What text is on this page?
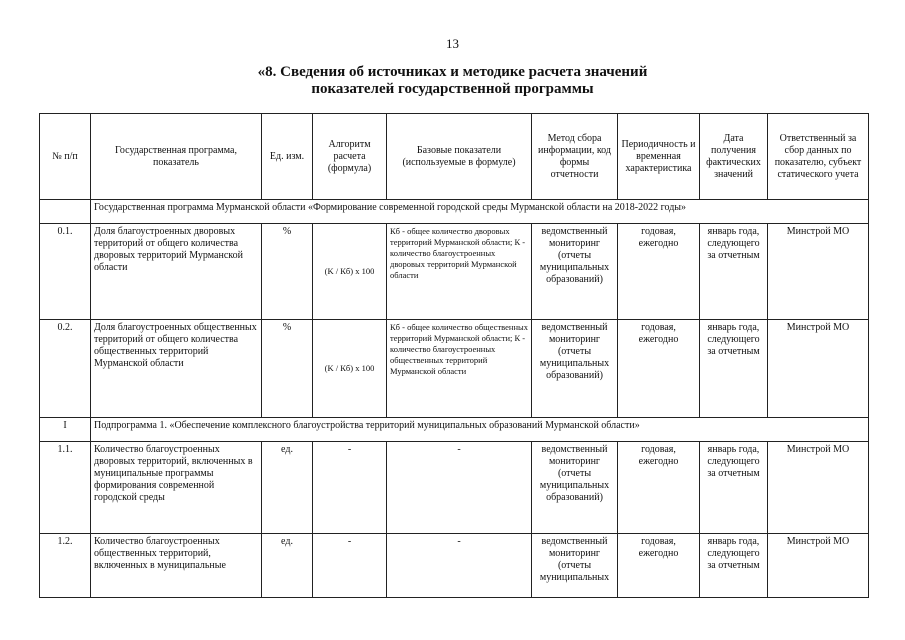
13
«8. Сведения об источниках и методике расчета значений
показателей государственной программы
№ п/п	Государственная программа, показатель	Ед. изм.	Алгоритм расчета (формула)	Базовые показатели (используемые в формуле)	Метод сбора информации, код формы отчетности	Периодичность и временная характеристика	Дата получения фактических значений	Ответственный за сбор данных по показателю, субъект статического учета
	Государственная программа Мурманской области «Формирование современной городской среды Мурманской области на 2018-2022 годы»							
0.1.	Доля благоустроенных дворовых территорий от общего количества дворовых территорий Мурманской области	%	(K / Кб) х 100	Кб - общее количество дворовых территорий Мурманской области; К - количество благоустроенных дворовых территорий Мурманской области	ведомственный мониторинг (отчеты муниципальных образований)	годовая, ежегодно	январь года, следующего за отчетным	Минстрой МО
0.2.	Доля благоустроенных общественных территорий от общего количества общественных территорий Мурманской области	%	(K / Кб) х 100	Кб - общее количество общественных территорий Мурманской области; К - количество благоустроенных общественных территорий Мурманской области	ведомственный мониторинг (отчеты муниципальных образований)	годовая, ежегодно	январь года, следующего за отчетным	Минстрой МО
I	Подпрограмма 1. «Обеспечение комплексного благоустройства территорий муниципальных образований Мурманской области»							
1.1.	Количество благоустроенных дворовых территорий, включенных в муниципальные программы формирования современной городской среды	ед.	-	-	ведомственный мониторинг (отчеты муниципальных образований)	годовая, ежегодно	январь года, следующего за отчетным	Минстрой МО
1.2.	Количество благоустроенных общественных территорий, включенных в муниципальные	ед.	-	-	ведомственный мониторинг (отчеты муниципальных	годовая, ежегодно	январь года, следующего за отчетным	Минстрой МО
